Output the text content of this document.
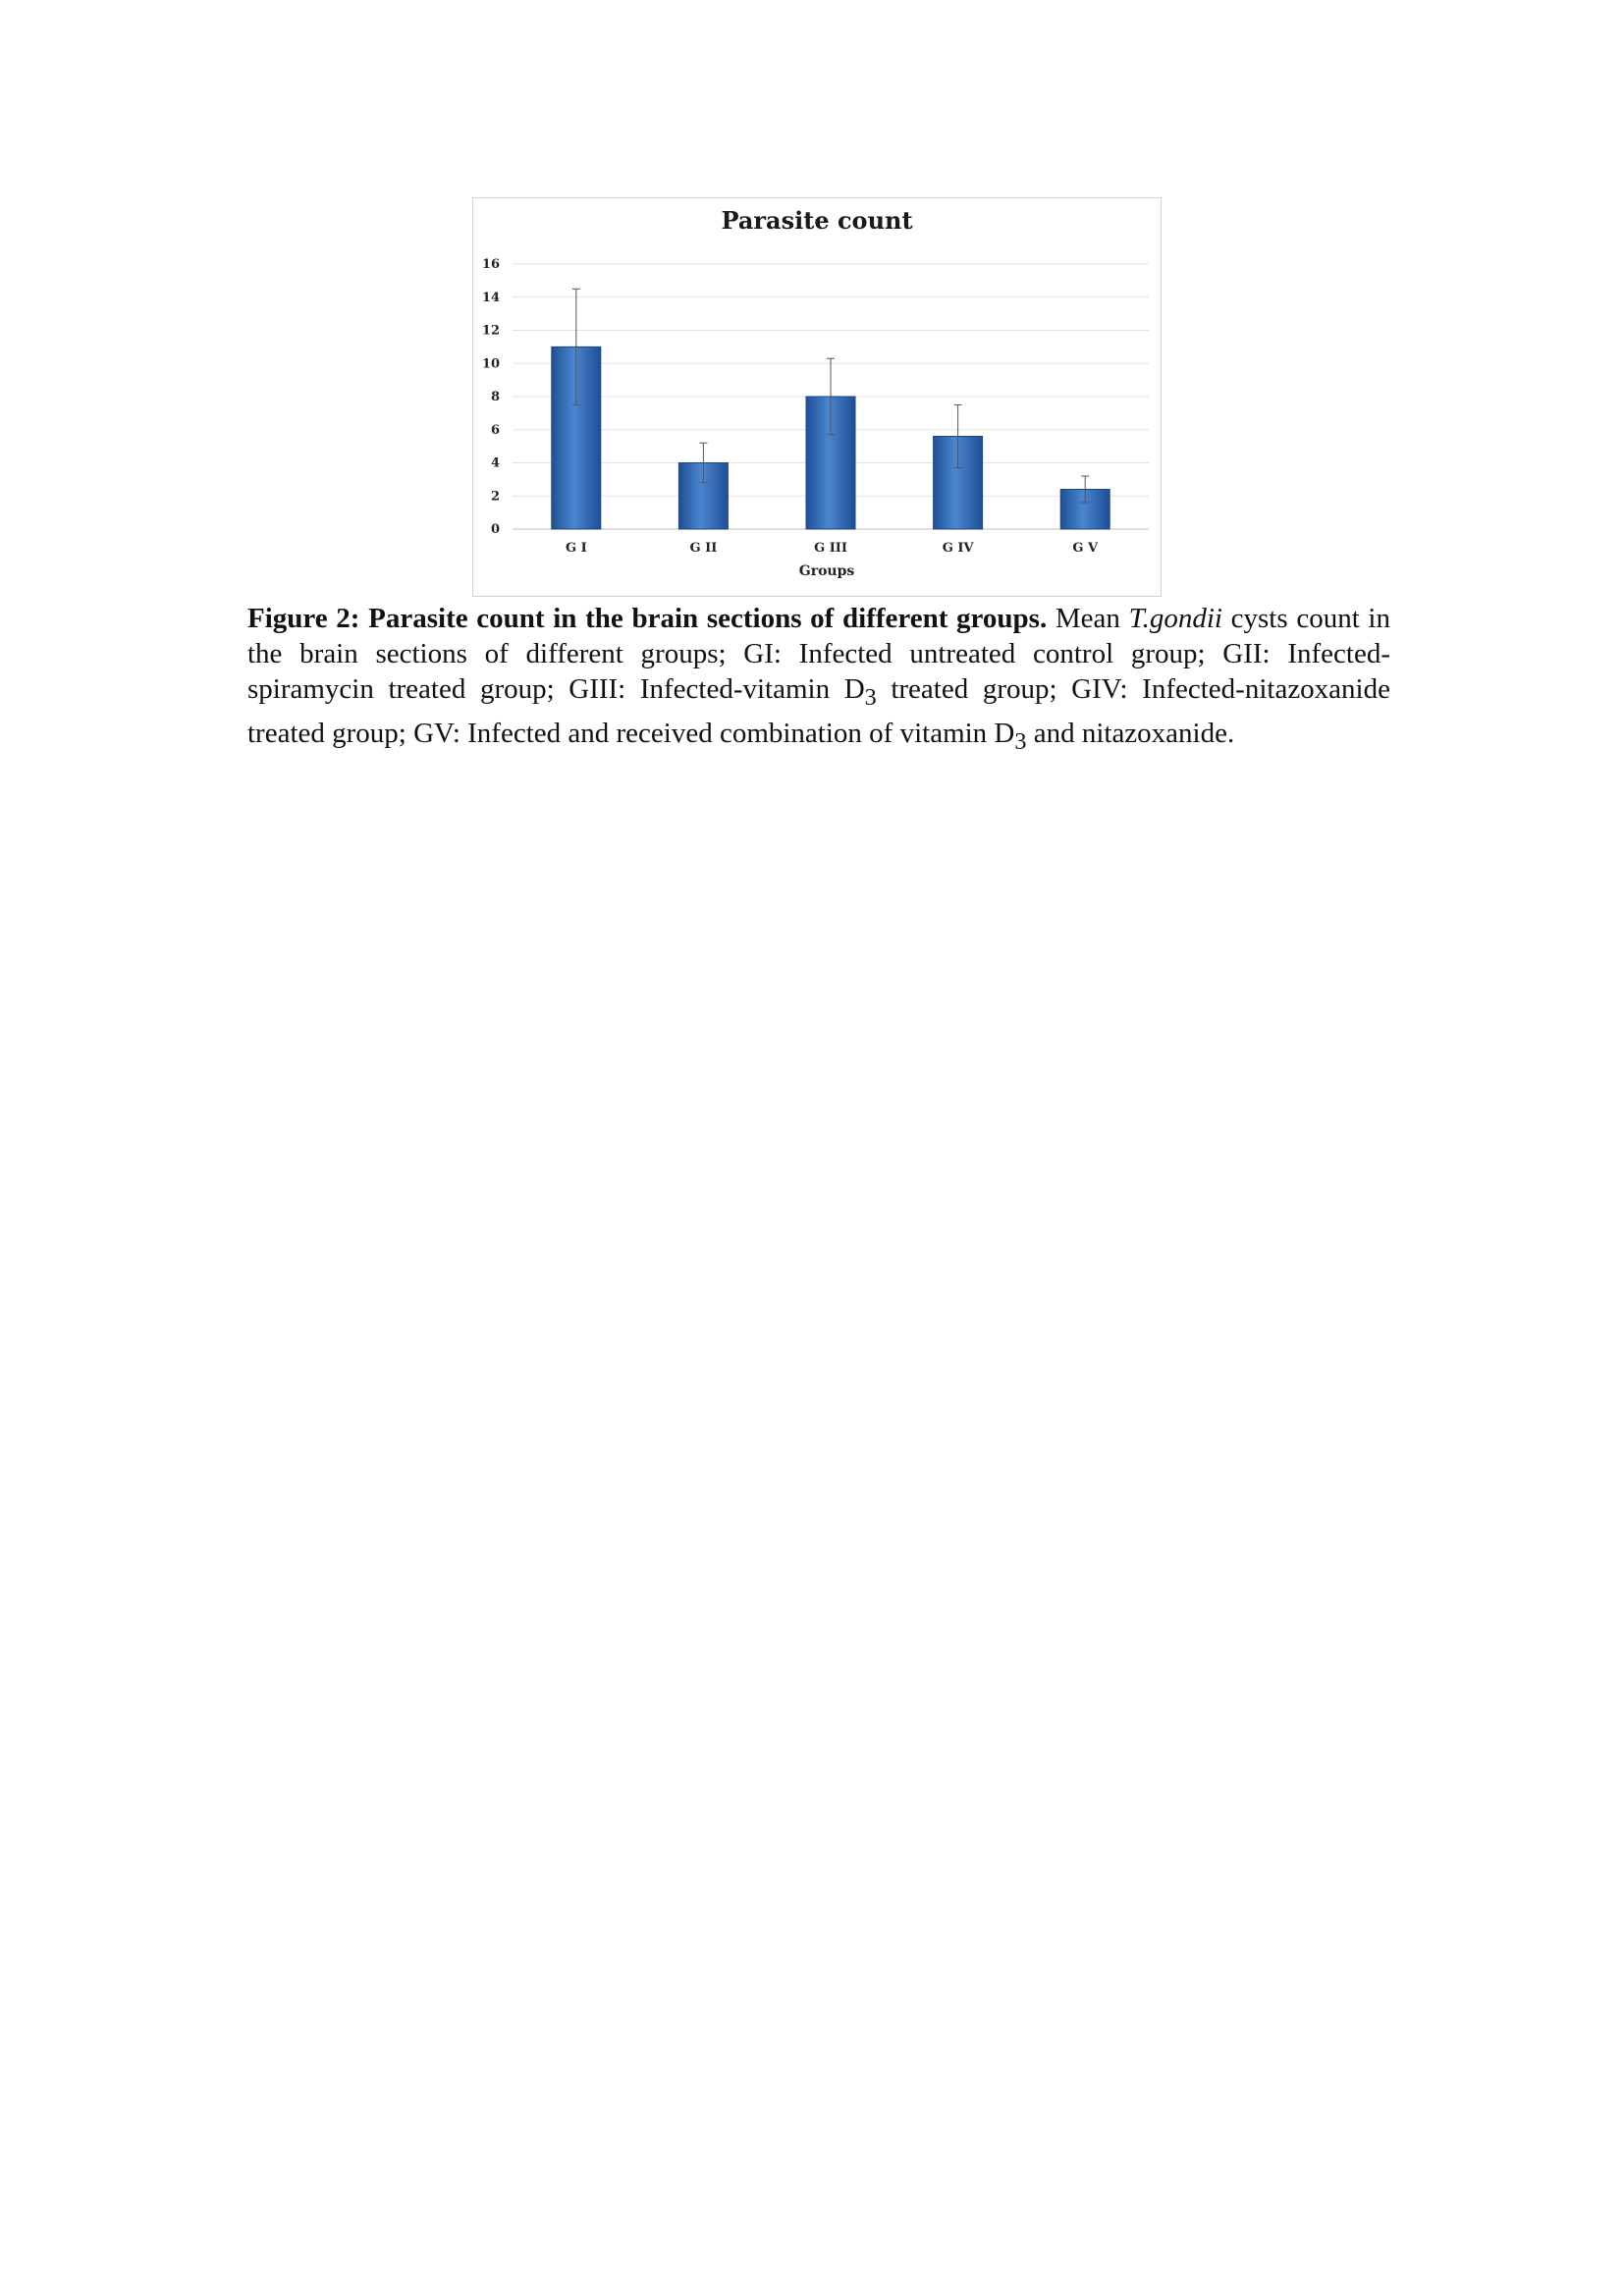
Parasite count
0
2
4
6
8
10
12
14
16
G I	G II	G III	G IV	G V
Groups
Figure 2: Parasite count in the brain sections of different groups. Mean T.gondii cysts count in the brain sections of different groups; GI: Infected untreated control group; GII: Infected-spiramycin treated group; GIII: Infected-vitamin $D_3$ treated group; GIV: Infected-nitazoxanide treated group; GV: Infected and received combination of vitamin $D_3$ and nitazoxanide.
